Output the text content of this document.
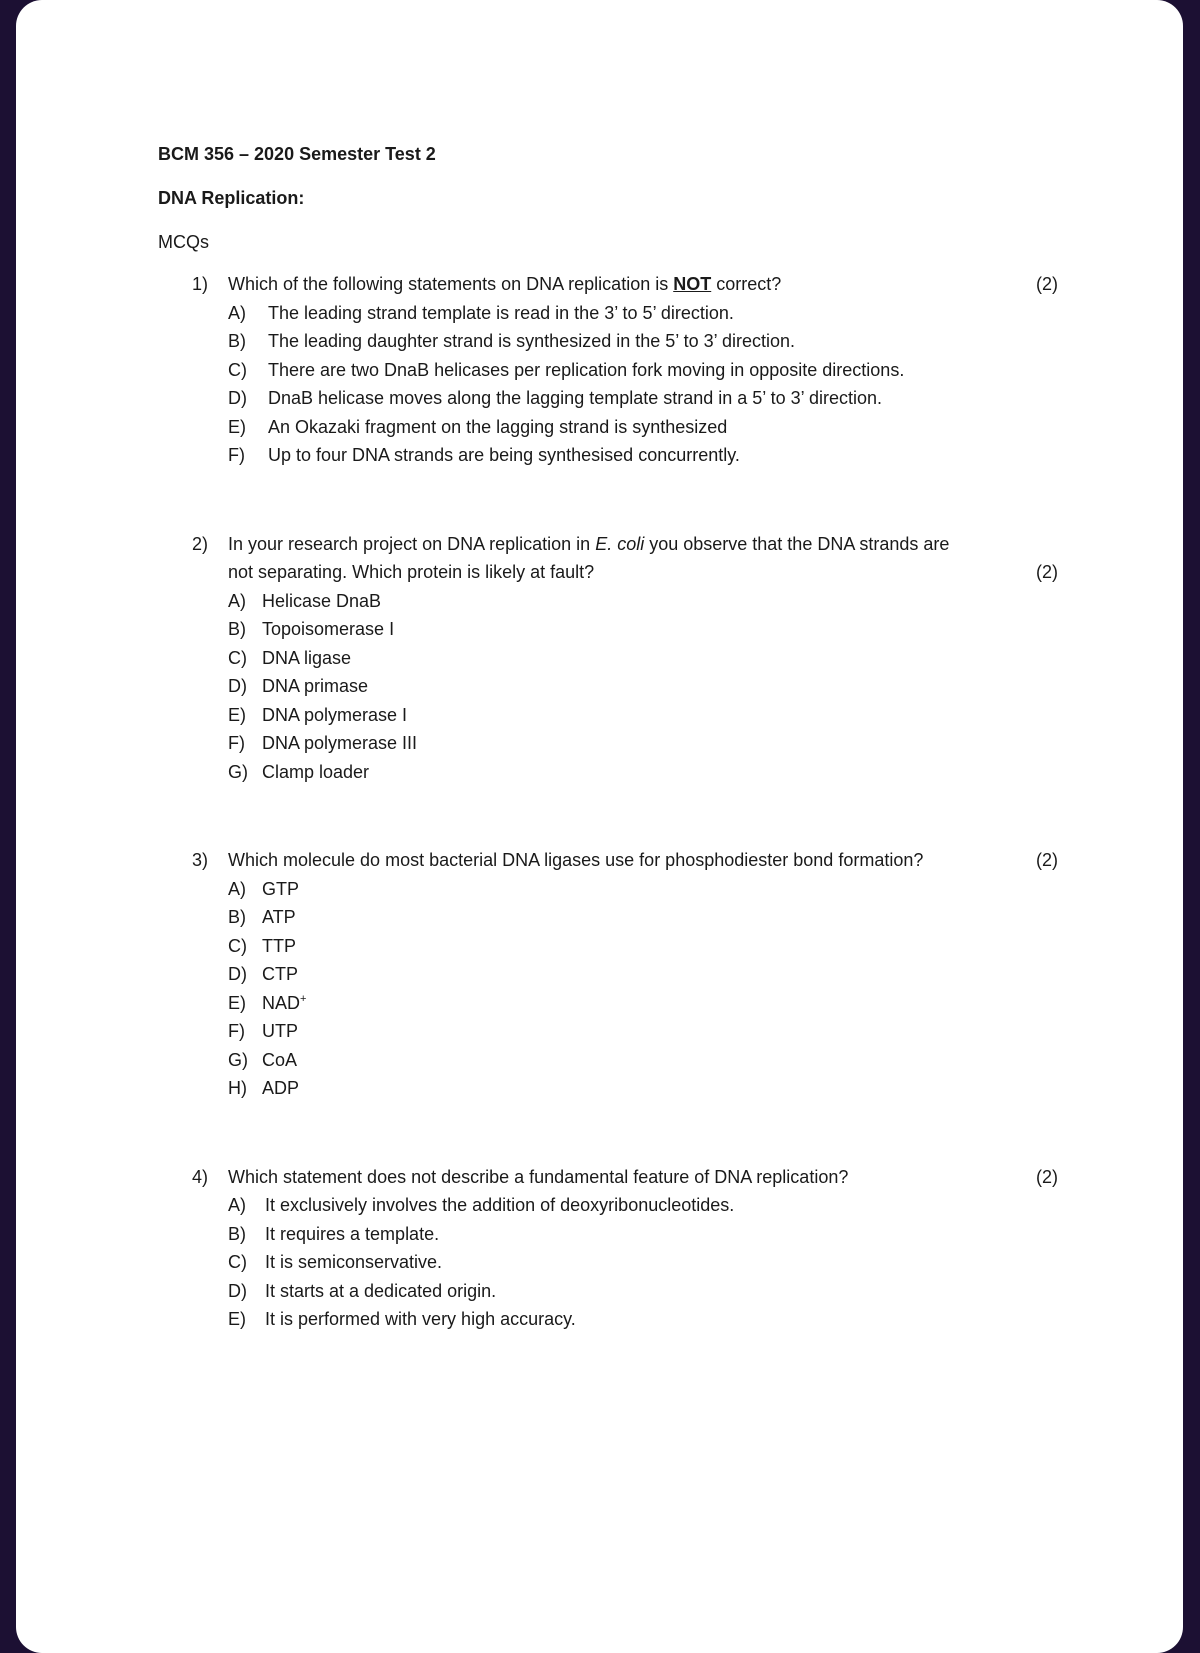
BCM 356 – 2020 Semester Test 2
DNA Replication:
MCQs
1)	Which of the following statements on DNA replication is NOT correct?	(2)
A)	The leading strand template is read in the 3’ to 5’ direction.
B)	The leading daughter strand is synthesized in the 5’ to 3’ direction.
C)	There are two DnaB helicases per replication fork moving in opposite directions.
D)	DnaB helicase moves along the lagging template strand in a 5’ to 3’ direction.
E)	An Okazaki fragment on the lagging strand is synthesized
F)	Up to four DNA strands are being synthesised concurrently.
2)	In your research project on DNA replication in E. coli you observe that the DNA strands are
not separating. Which protein is likely at fault?	(2)
A) Helicase DnaB
B) Topoisomerase I
C) DNA ligase
D) DNA primase
E) DNA polymerase I
F) DNA polymerase III
G) Clamp loader
3)	Which molecule do most bacterial DNA ligases use for phosphodiester bond formation?	(2)
A) GTP
B) ATP
C) TTP
D) CTP
E) NAD+
F) UTP
G) CoA
H) ADP
4)	Which statement does not describe a fundamental feature of DNA replication?	(2)
A)	It exclusively involves the addition of deoxyribonucleotides.
B)	It requires a template.
C)	It is semiconservative.
D)	It starts at a dedicated origin.
E)	It is performed with very high accuracy.
